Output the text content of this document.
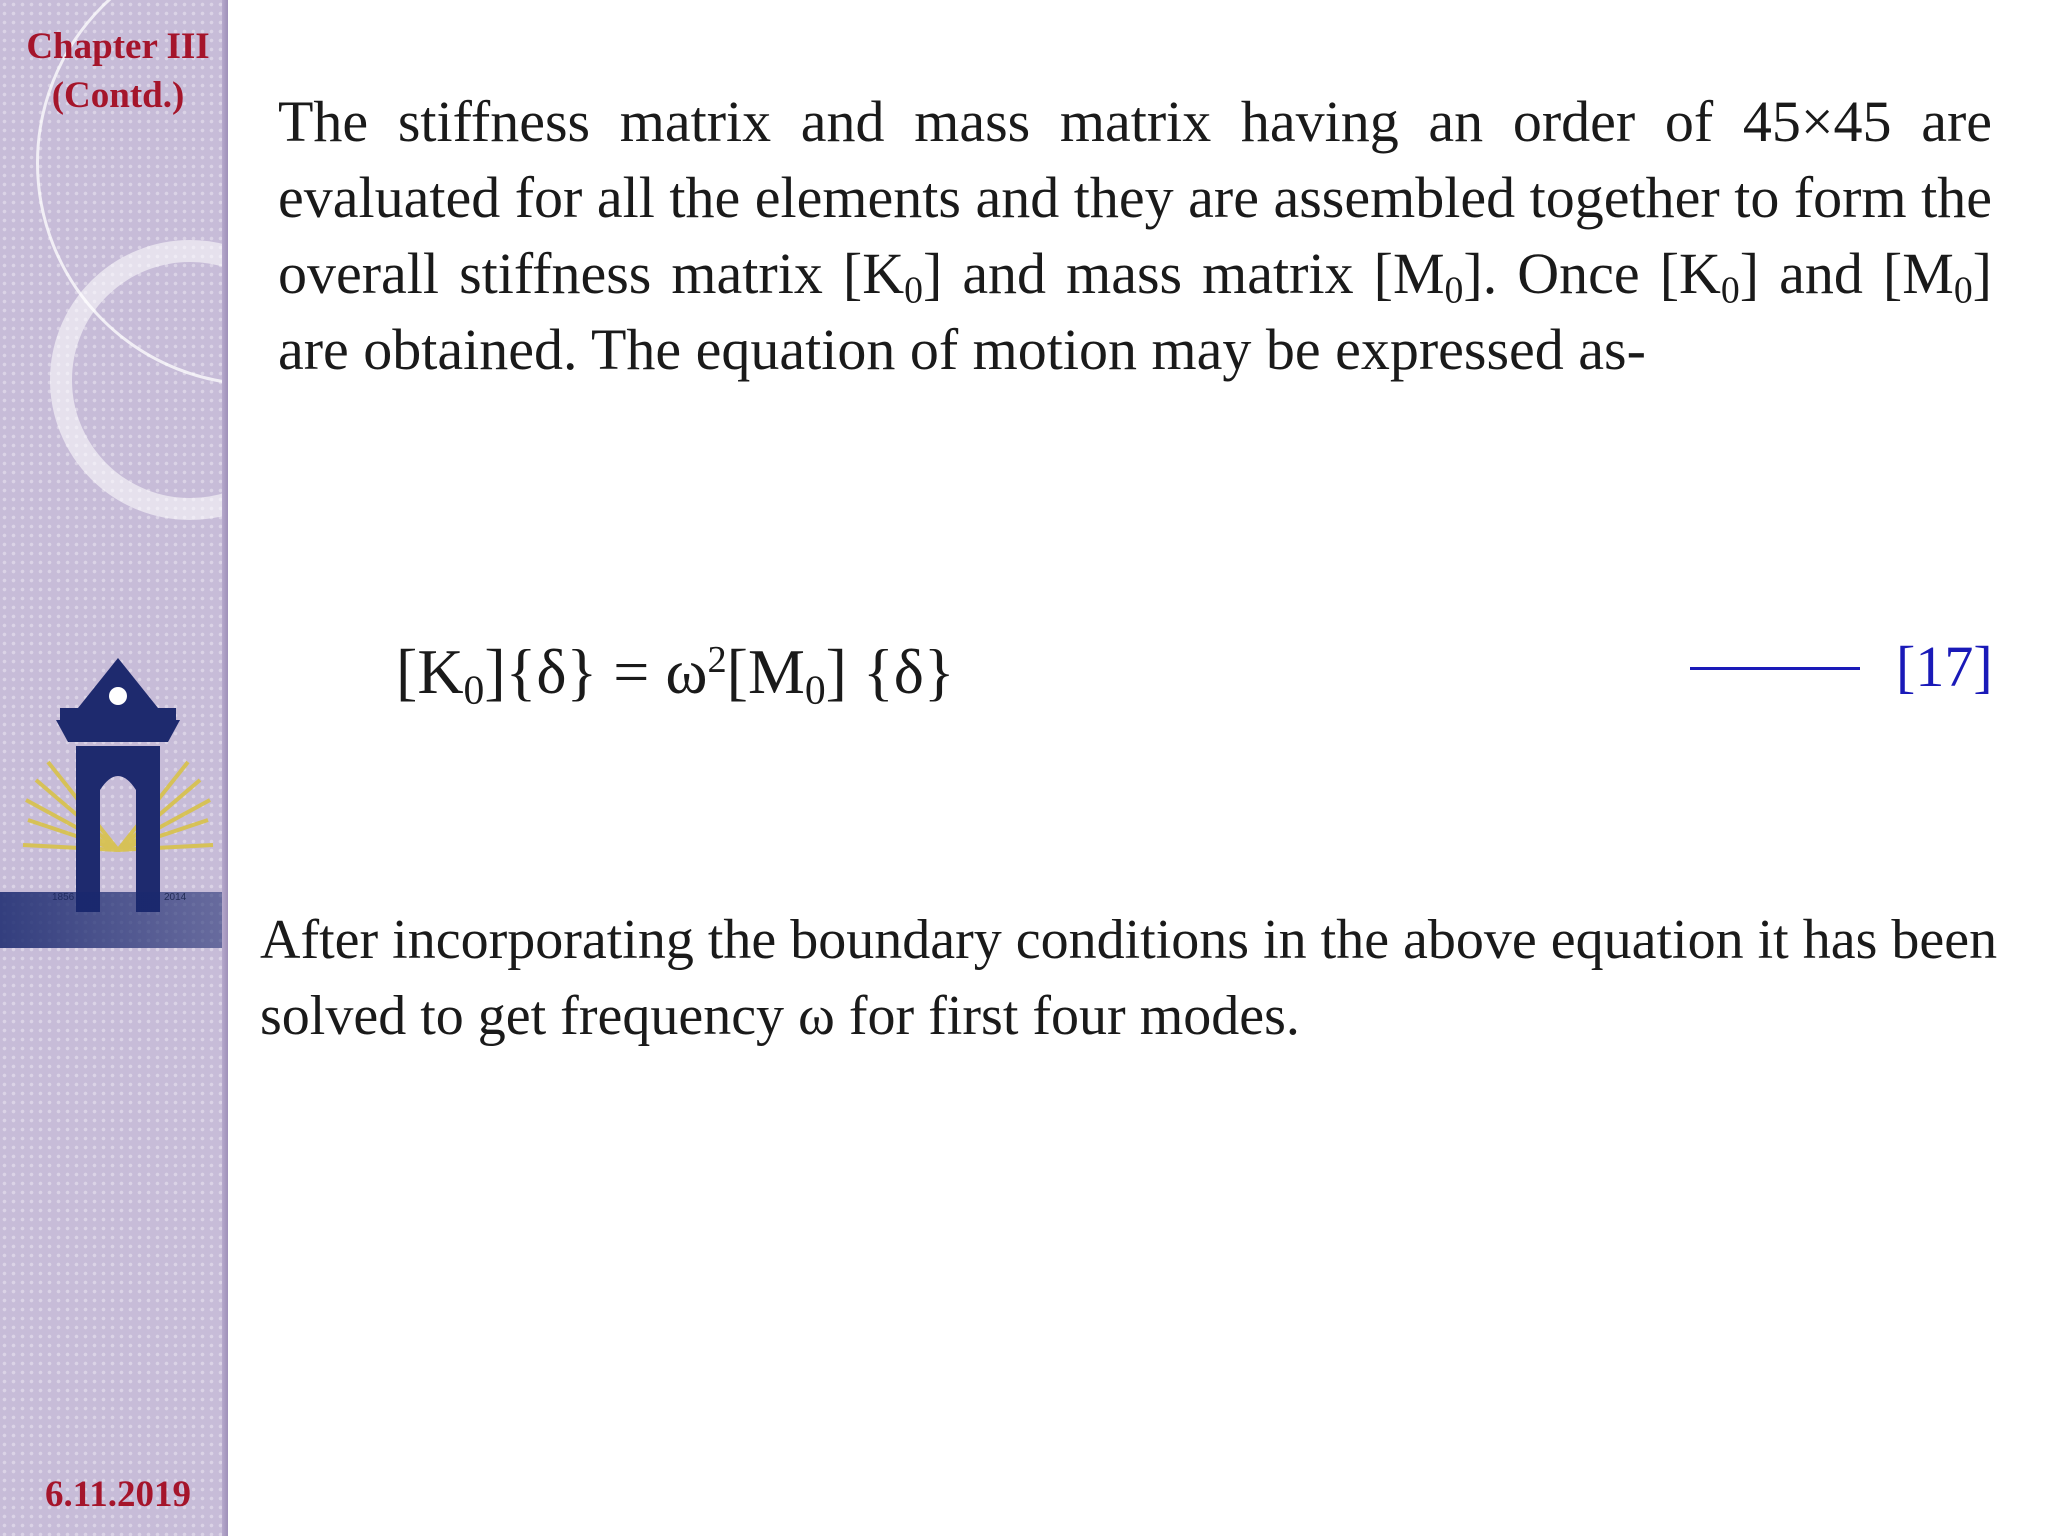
Chapter III
(Contd.)
6.11.2019

The stiffness matrix and mass matrix having an order of 45×45 are evaluated for all the elements and they are assembled together to form the overall stiffness matrix $[K_0]$ and mass matrix $[M_0]$. Once $[K_0]$ and $[M_0]$ are obtained. The equation of motion may be expressed as-

$[K_0]\{\delta\} = \omega^2[M_0]$ {δ}	[17]

After incorporating the boundary conditions in the above equation it has been solved to get frequency ω for first four modes.
